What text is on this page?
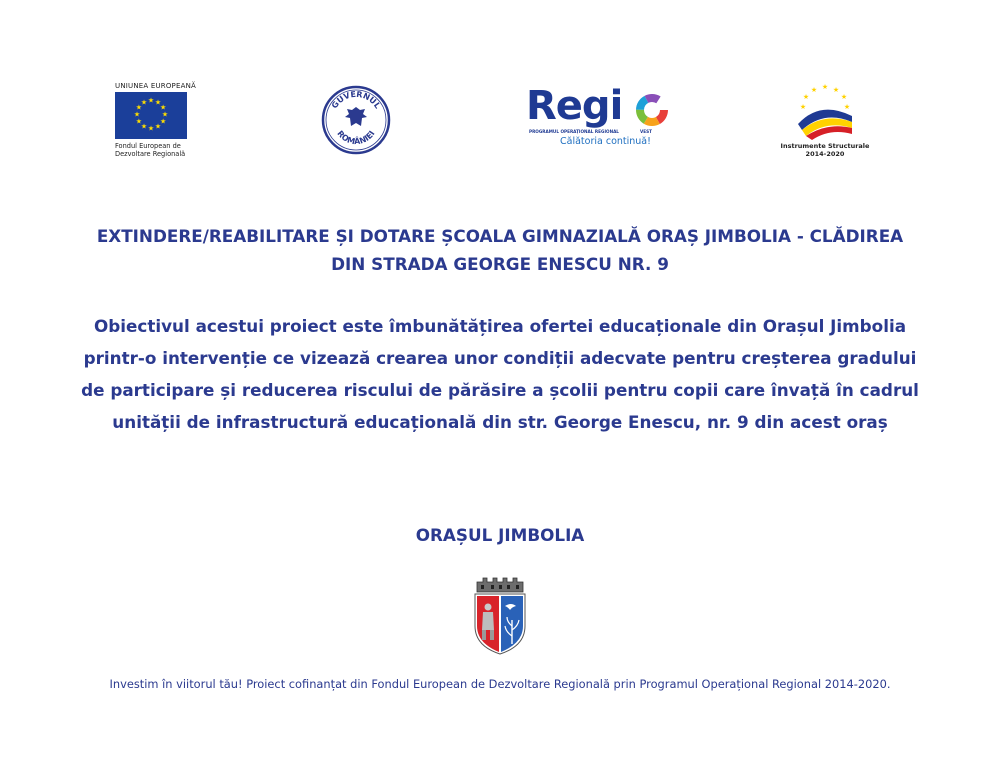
UNIUNEA EUROPEANĂ
★ ★
★
★
★
★
★
★
★
★
★
★
Fondul European de
Dezvoltare Regională
GUVERNUL
ROMÂNIEI
Regi
PROGRAMUL OPERAȚIONAL REGIONAL	VEST
Călătoria continuă!
★ ★
★
★
★
★
★
Instrumente Structurale
2014-2020
EXTINDERE/REABILITARE ȘI DOTARE ȘCOALA GIMNAZIALĂ ORAȘ JIMBOLIA - CLĂDIREA
DIN STRADA GEORGE ENESCU NR. 9
Obiectivul acestui proiect este îmbunătățirea ofertei educaționale din Orașul Jimbolia
printr-o intervenție ce vizează crearea unor condiții adecvate pentru creșterea gradului
de participare și reducerea riscului de părăsire a școlii pentru copii care învață în cadrul
unității de infrastructură educațională din str. George Enescu, nr. 9 din acest oraș
ORAȘUL JIMBOLIA
Investim în viitorul tău! Proiect cofinanțat din Fondul European de Dezvoltare Regională prin Programul Operațional Regional 2014-2020.
